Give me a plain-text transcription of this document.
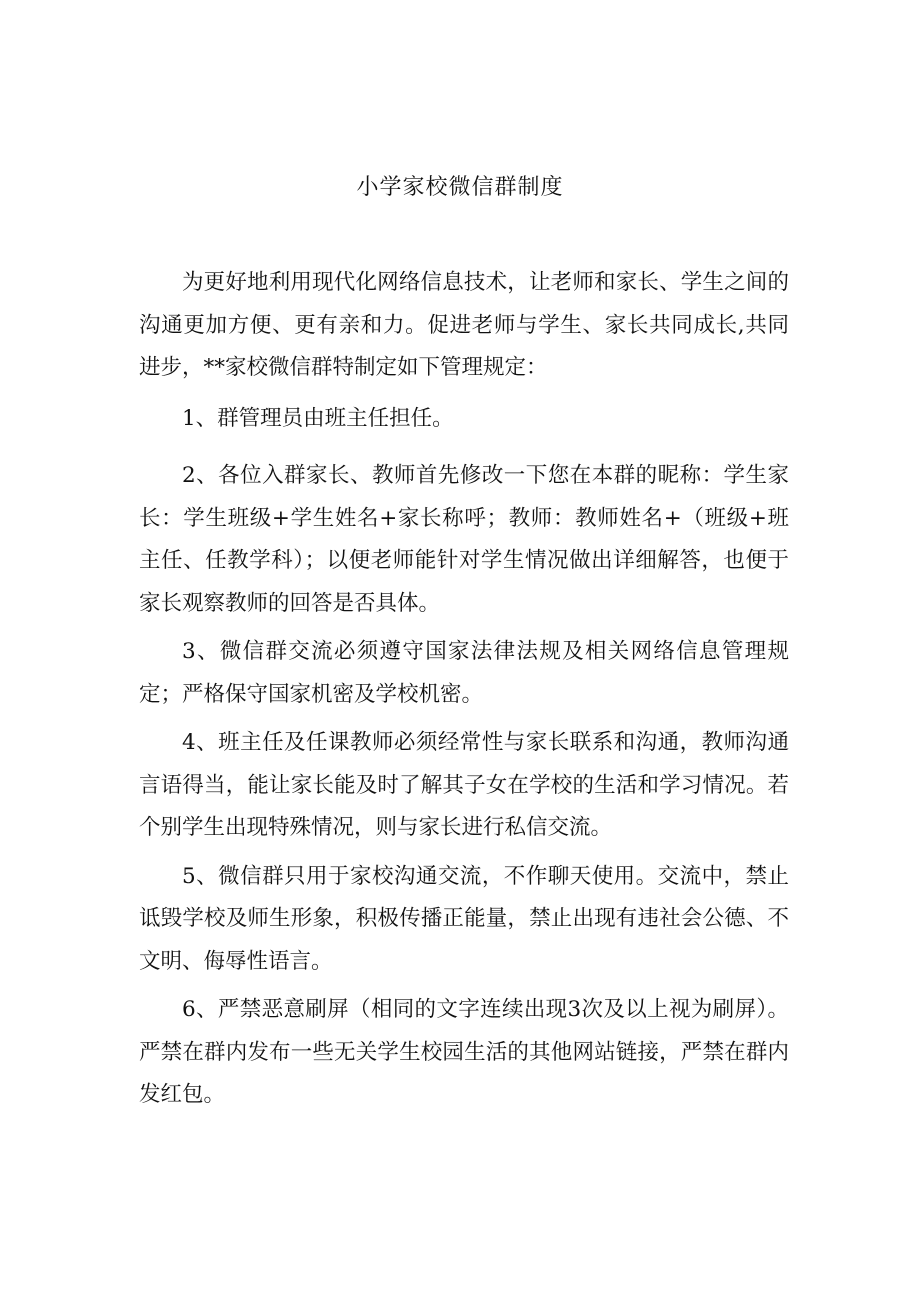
小学家校微信群制度

为更好地利用现代化网络信息技术，让老师和家长、学生之间的沟通更加方便、更有亲和力。促进老师与学生、家长共同成长,共同进步，**家校微信群特制定如下管理规定：

1、群管理员由班主任担任。

2、各位入群家长、教师首先修改一下您在本群的昵称：学生家长：学生班级+学生姓名+家长称呼；教师：教师姓名+（班级+班主任、任教学科）；以便老师能针对学生情况做出详细解答，也便于家长观察教师的回答是否具体。

3、微信群交流必须遵守国家法律法规及相关网络信息管理规定；严格保守国家机密及学校机密。

4、班主任及任课教师必须经常性与家长联系和沟通，教师沟通言语得当，能让家长能及时了解其子女在学校的生活和学习情况。若个别学生出现特殊情况，则与家长进行私信交流。

5、微信群只用于家校沟通交流，不作聊天使用。交流中，禁止诋毁学校及师生形象，积极传播正能量，禁止出现有违社会公德、不文明、侮辱性语言。

6、严禁恶意刷屏（相同的文字连续出现3次及以上视为刷屏）。严禁在群内发布一些无关学生校园生活的其他网站链接，严禁在群内发红包。
